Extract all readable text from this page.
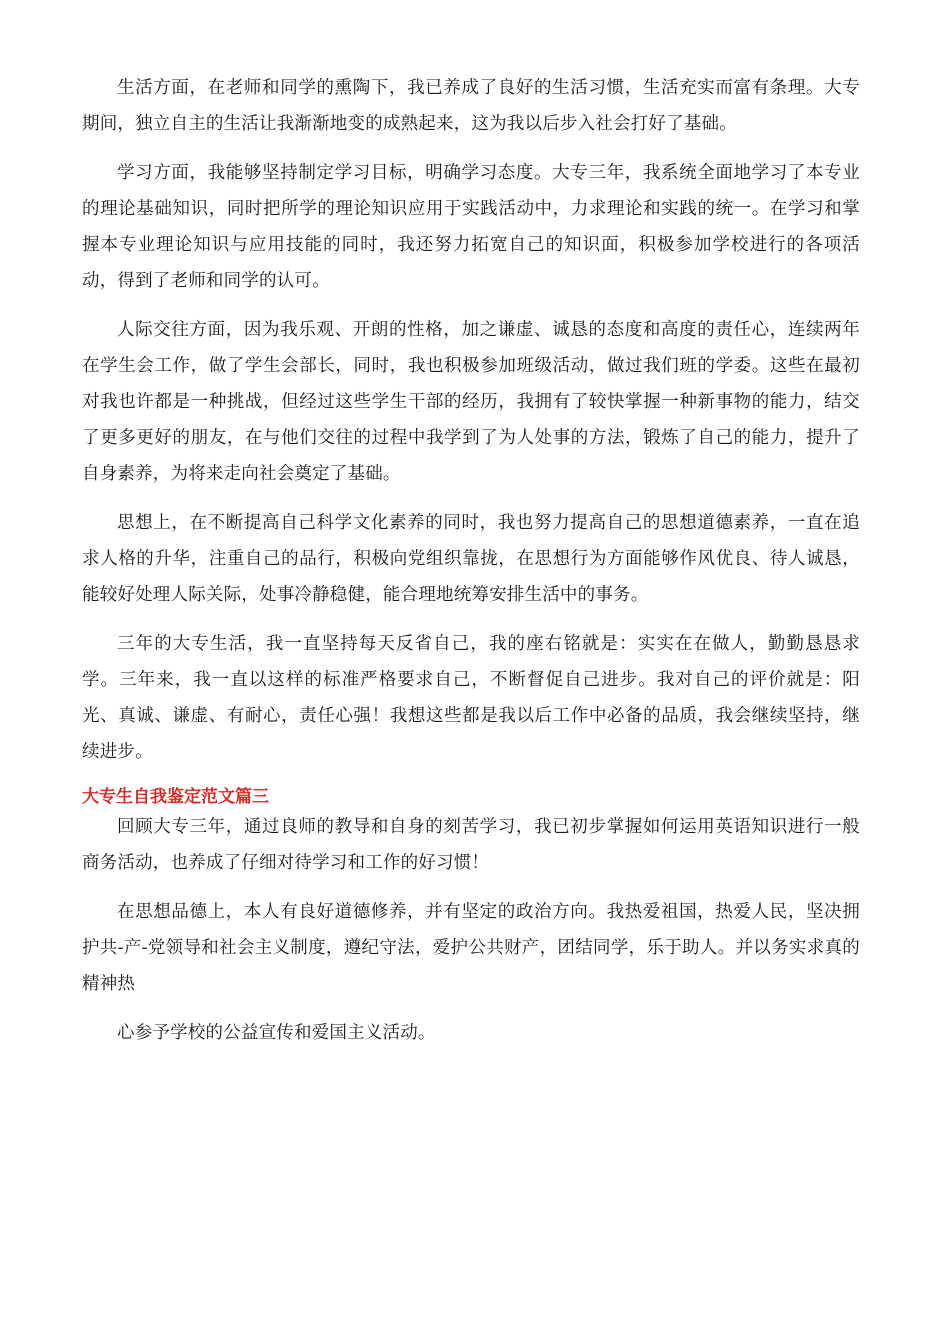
生活方面，在老师和同学的熏陶下，我已养成了良好的生活习惯，生活充实而富有条理。大专期间，独立自主的生活让我渐渐地变的成熟起来，这为我以后步入社会打好了基础。

学习方面，我能够坚持制定学习目标，明确学习态度。大专三年，我系统全面地学习了本专业的理论基础知识，同时把所学的理论知识应用于实践活动中，力求理论和实践的统一。在学习和掌握本专业理论知识与应用技能的同时，我还努力拓宽自己的知识面，积极参加学校进行的各项活动，得到了老师和同学的认可。

人际交往方面，因为我乐观、开朗的性格，加之谦虚、诚恳的态度和高度的责任心，连续两年在学生会工作，做了学生会部长，同时，我也积极参加班级活动，做过我们班的学委。这些在最初对我也许都是一种挑战，但经过这些学生干部的经历，我拥有了较快掌握一种新事物的能力，结交了更多更好的朋友，在与他们交往的过程中我学到了为人处事的方法，锻炼了自己的能力，提升了自身素养，为将来走向社会奠定了基础。

思想上，在不断提高自己科学文化素养的同时，我也努力提高自己的思想道德素养，一直在追求人格的升华，注重自己的品行，积极向党组织靠拢，在思想行为方面能够作风优良、待人诚恳，能较好处理人际关际，处事冷静稳健，能合理地统筹安排生活中的事务。

三年的大专生活，我一直坚持每天反省自己，我的座右铭就是：实实在在做人，勤勤恳恳求学。三年来，我一直以这样的标准严格要求自己，不断督促自己进步。我对自己的评价就是：阳光、真诚、谦虚、有耐心，责任心强！我想这些都是我以后工作中必备的品质，我会继续坚持，继续进步。

大专生自我鉴定范文篇三

回顾大专三年，通过良师的教导和自身的刻苦学习，我已初步掌握如何运用英语知识进行一般商务活动，也养成了仔细对待学习和工作的好习惯！

在思想品德上，本人有良好道德修养，并有坚定的政治方向。我热爱祖国，热爱人民，坚决拥护共-产-党领导和社会主义制度，遵纪守法，爱护公共财产，团结同学，乐于助人。并以务实求真的精神热

心参予学校的公益宣传和爱国主义活动。
